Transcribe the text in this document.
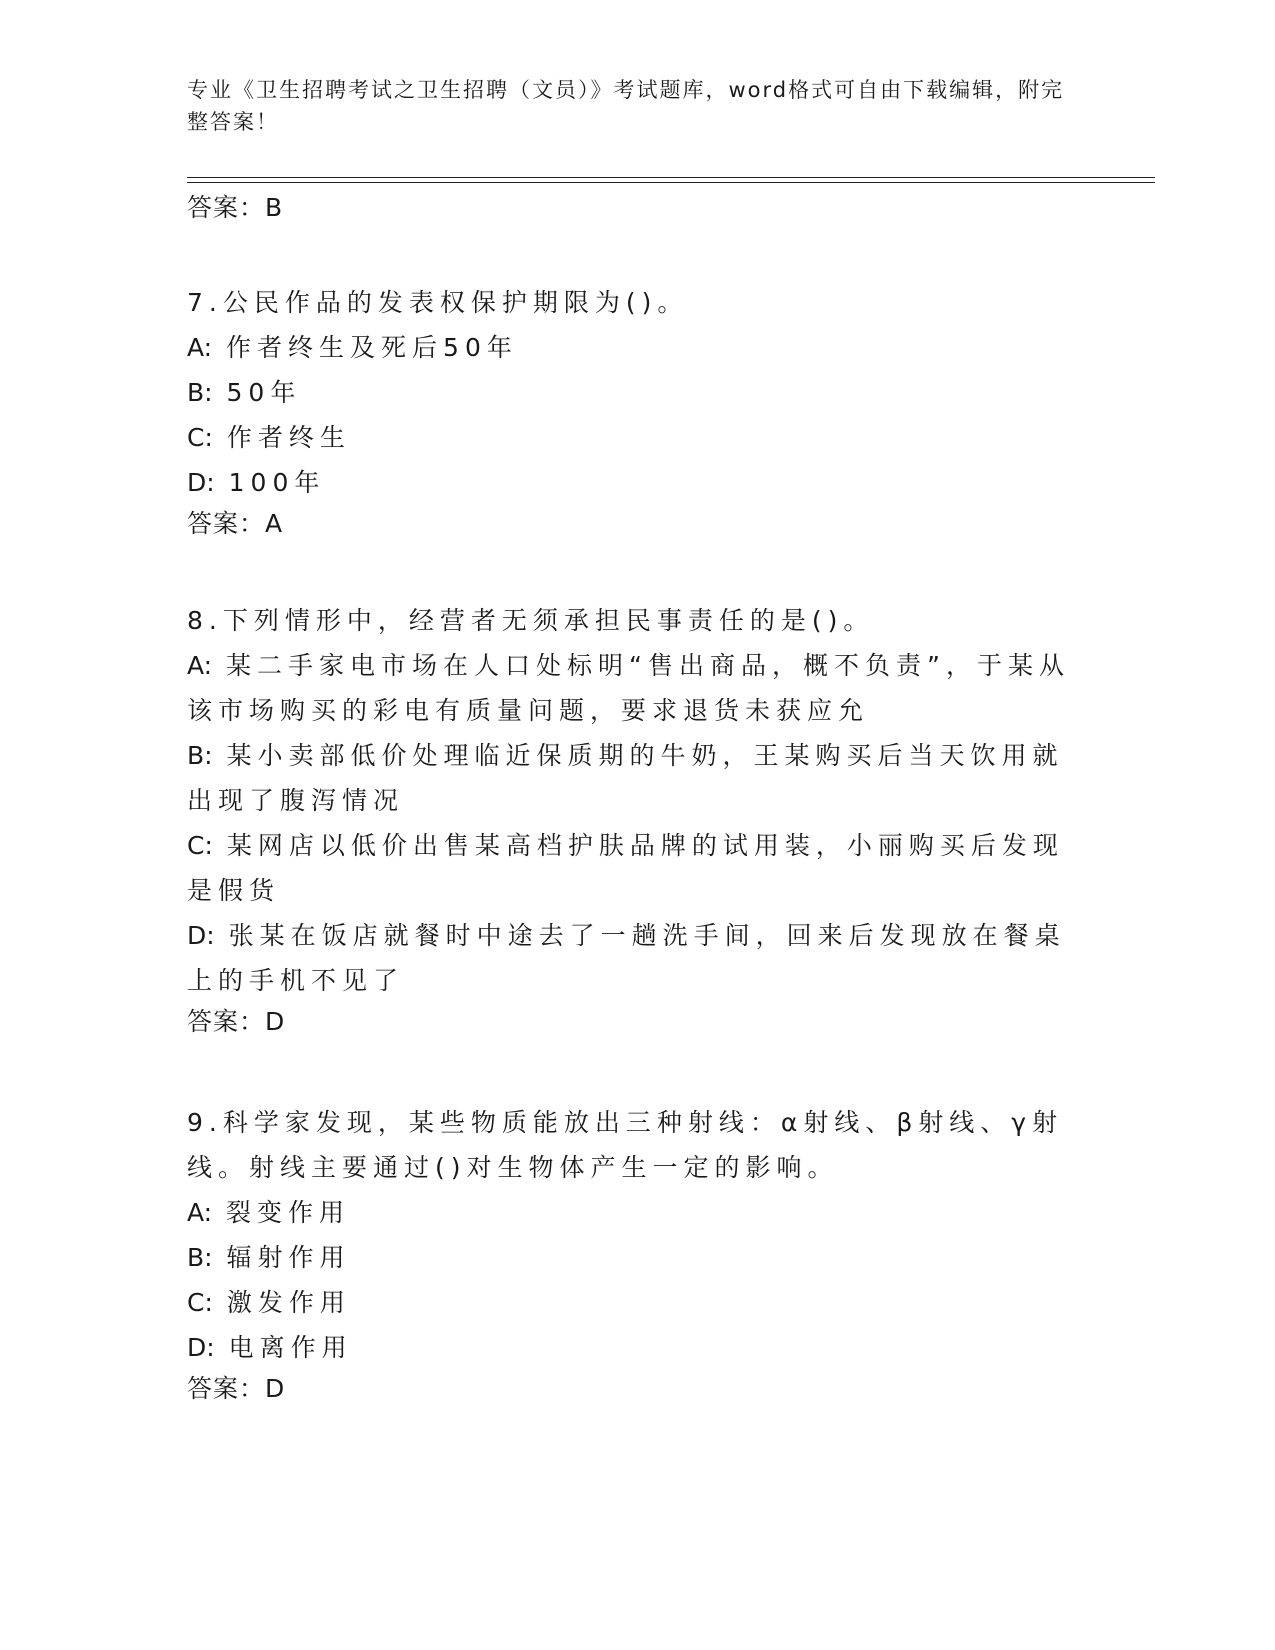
专业《卫生招聘考试之卫生招聘（文员）》考试题库，word格式可自由下载编辑，附完整答案！
答案：B
7.公民作品的发表权保护期限为()。
A: 作者终生及死后50年
B: 50年
C: 作者终生
D: 100年
答案：A
8.下列情形中，经营者无须承担民事责任的是()。
A: 某二手家电市场在人口处标明“售出商品，概不负责”，于某从该市场购买的彩电有质量问题，要求退货未获应允
B: 某小卖部低价处理临近保质期的牛奶，王某购买后当天饮用就出现了腹泻情况
C: 某网店以低价出售某高档护肤品牌的试用装，小丽购买后发现是假货
D: 张某在饭店就餐时中途去了一趟洗手间，回来后发现放在餐桌上的手机不见了
答案：D
9.科学家发现，某些物质能放出三种射线：α射线、β射线、γ射线。射线主要通过()对生物体产生一定的影响。
A: 裂变作用
B: 辐射作用
C: 激发作用
D: 电离作用
答案：D
